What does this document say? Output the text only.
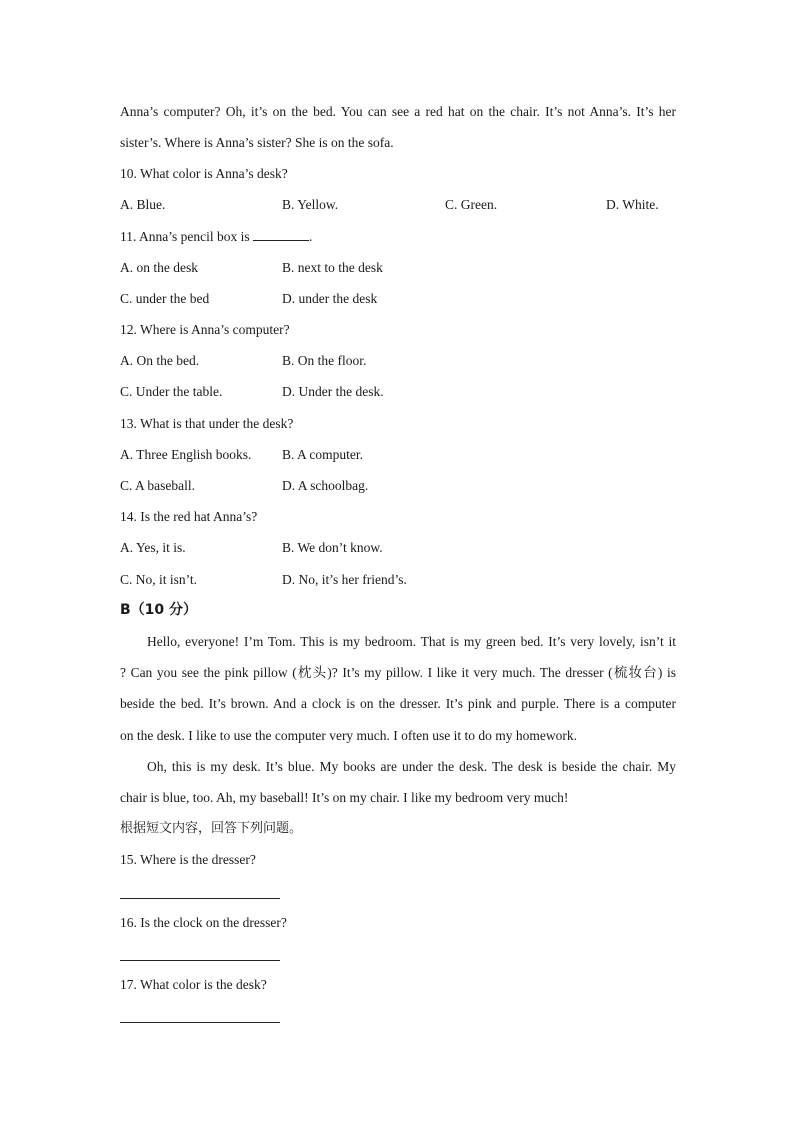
Anna’s computer? Oh, it’s on the bed. You can see a red hat on the chair. It’s not Anna’s. It’s her
sister’s. Where is Anna’s sister? She is on the sofa.
10. What color is Anna’s desk?
A. Blue.	B. Yellow.	C. Green.	D. White.
11. Anna’s pencil box is	.
A. on the desk	B. next to the desk
C. under the bed	D. under the desk
12. Where is Anna’s computer?
A. On the bed.	B. On the floor.
C. Under the table.	D. Under the desk.
13. What is that under the desk?
A. Three English books. B. A computer.
C. A baseball.	D. A schoolbag.
14. Is the red hat Anna’s?
A. Yes, it is.	B. We don’t know.
C. No, it isn’t.	D. No, it’s her friend’s.
B（10 分）
Hello, everyone! I’m Tom. This is my bedroom. That is my green bed. It’s very lovely, isn’t it
? Can you see the pink pillow (枕头)? It’s my pillow. I like it very much. The dresser (梳妆台) is
beside the bed. It’s brown. And a clock is on the dresser. It’s pink and purple. There is a computer
on the desk. I like to use the computer very much. I often use it to do my homework.
Oh, this is my desk. It’s blue. My books are under the desk. The desk is beside the chair. My
chair is blue, too. Ah, my baseball! It’s on my chair. I like my bedroom very much!
根据短文内容，回答下列问题。
15. Where is the dresser?
16. Is the clock on the dresser?
17. What color is the desk?
